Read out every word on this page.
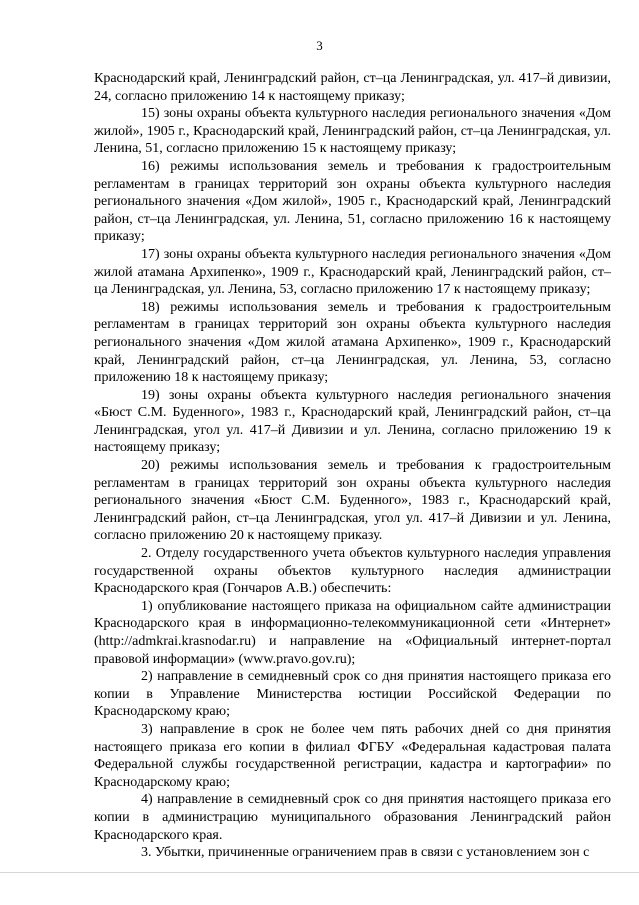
3

Краснодарский край, Ленинградский район, ст–ца Ленинградская, ул. 417–й дивизии, 24, согласно приложению 14 к настоящему приказу;

15) зоны охраны объекта культурного наследия регионального значения «Дом жилой», 1905 г., Краснодарский край, Ленинградский район, ст–ца Ленинградская, ул. Ленина, 51, согласно приложению 15 к настоящему приказу;

16) режимы использования земель и требования к градостроительным регламентам в границах территорий зон охраны объекта культурного наследия регионального значения «Дом жилой», 1905 г., Краснодарский край, Ленинградский район, ст–ца Ленинградская, ул. Ленина, 51, согласно приложению 16 к настоящему приказу;

17) зоны охраны объекта культурного наследия регионального значения «Дом жилой атамана Архипенко», 1909 г., Краснодарский край, Ленинградский район, ст–ца Ленинградская, ул. Ленина, 53, согласно приложению 17 к настоящему приказу;

18) режимы использования земель и требования к градостроительным регламентам в границах территорий зон охраны объекта культурного наследия регионального значения «Дом жилой атамана Архипенко», 1909 г., Краснодарский край, Ленинградский район, ст–ца Ленинградская, ул. Ленина, 53, согласно приложению 18 к настоящему приказу;

19) зоны охраны объекта культурного наследия регионального значения «Бюст С.М. Буденного», 1983 г., Краснодарский край, Ленинградский район, ст–ца Ленинградская, угол ул. 417–й Дивизии и ул. Ленина, согласно приложению 19 к настоящему приказу;

20) режимы использования земель и требования к градостроительным регламентам в границах территорий зон охраны объекта культурного наследия регионального значения «Бюст С.М. Буденного», 1983 г., Краснодарский край, Ленинградский район, ст–ца Ленинградская, угол ул. 417–й Дивизии и ул. Ленина, согласно приложению 20 к настоящему приказу.

2. Отделу государственного учета объектов культурного наследия управления государственной охраны объектов культурного наследия администрации Краснодарского края (Гончаров А.В.) обеспечить:

1) опубликование настоящего приказа на официальном сайте администрации Краснодарского края в информационно-телекоммуникационной сети «Интернет» (http://admkrai.krasnodar.ru) и направление на «Официальный интернет-портал правовой информации» (www.pravo.gov.ru);

2) направление в семидневный срок со дня принятия настоящего приказа его копии в Управление Министерства юстиции Российской Федерации по Краснодарскому краю;

3) направление в срок не более чем пять рабочих дней со дня принятия настоящего приказа его копии в филиал ФГБУ «Федеральная кадастровая палата Федеральной службы государственной регистрации, кадастра и картографии» по Краснодарскому краю;

4) направление в семидневный срок со дня принятия настоящего приказа его копии в администрацию муниципального образования Ленинградский район Краснодарского края.

3. Убытки, причиненные ограничением прав в связи с установлением зон с
